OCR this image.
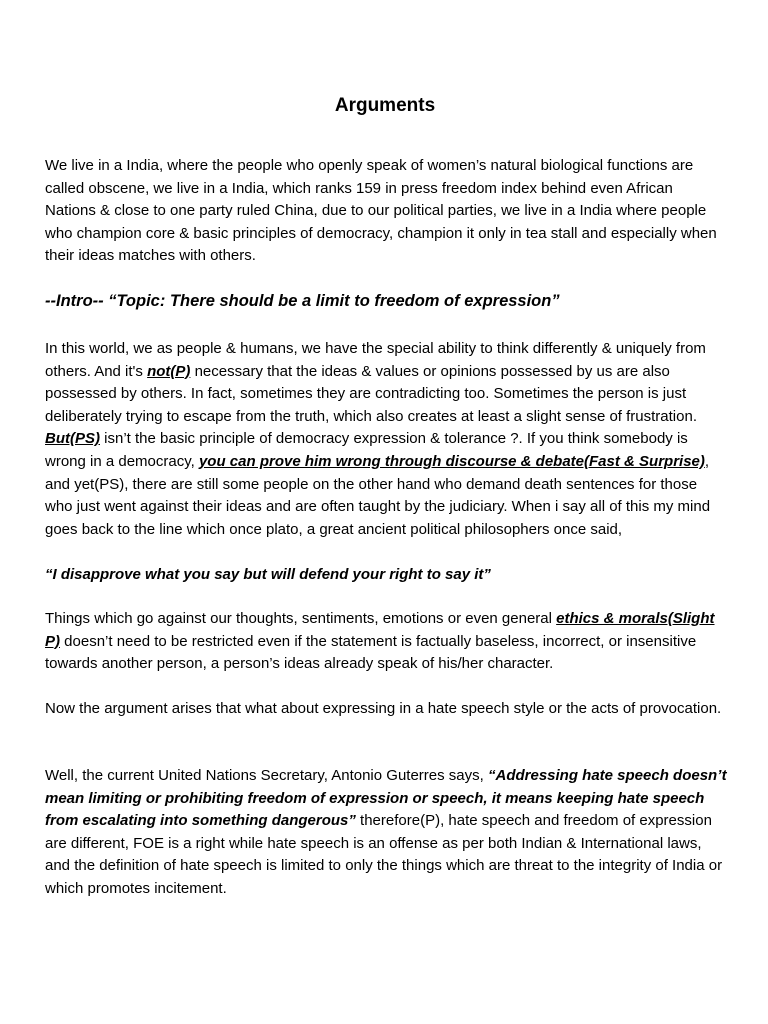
Arguments

We live in a India, where the people who openly speak of women’s natural biological functions are called obscene, we live in a India, which ranks 159 in press freedom index behind even African Nations & close to one party ruled China, due to our political parties, we live in a India where people who champion core & basic principles of democracy, champion it only in tea stall and especially when their ideas matches with others.

--Intro-- “Topic: There should be a limit to freedom of expression”

In this world, we as people & humans, we have the special ability to think differently & uniquely from others. And it's not(P) necessary that the ideas & values or opinions possessed by us are also possessed by others. In fact, sometimes they are contradicting too. Sometimes the person is just deliberately trying to escape from the truth, which also creates at least a slight sense of frustration. But(PS) isn’t the basic principle of democracy expression & tolerance ?. If you think somebody is wrong in a democracy, you can prove him wrong through discourse & debate(Fast & Surprise), and yet(PS), there are still some people on the other hand who demand death sentences for those who just went against their ideas and are often taught by the judiciary. When i say all of this my mind goes back to the line which once plato, a great ancient political philosophers once said,

“I disapprove what you say but will defend your right to say it”

Things which go against our thoughts, sentiments, emotions or even general ethics & morals(Slight P) doesn’t need to be restricted even if the statement is factually baseless, incorrect, or insensitive towards another person, a person’s ideas already speak of his/her character.

Now the argument arises that what about expressing in a hate speech style or the acts of provocation.

Well, the current United Nations Secretary, Antonio Guterres says, “Addressing hate speech doesn’t mean limiting or prohibiting freedom of expression or speech, it means keeping hate speech from escalating into something dangerous” therefore(P), hate speech and freedom of expression are different, FOE is a right while hate speech is an offense as per both Indian & International laws, and the definition of hate speech is limited to only the things which are threat to the integrity of India or which promotes incitement.
